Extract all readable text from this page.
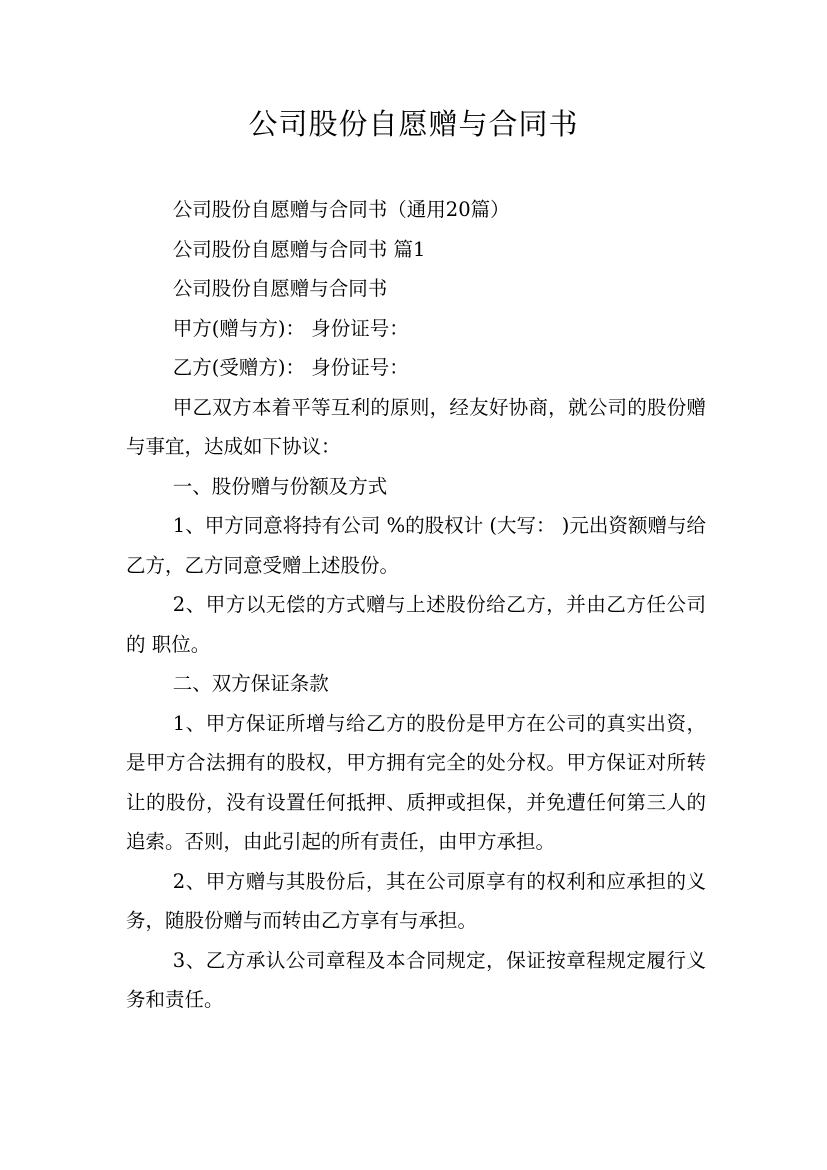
公司股份自愿赠与合同书

公司股份自愿赠与合同书（通用20篇）

公司股份自愿赠与合同书 篇1

公司股份自愿赠与合同书

甲方(赠与方)： 身份证号：

乙方(受赠方)： 身份证号：

甲乙双方本着平等互利的原则，经友好协商，就公司的股份赠与事宜，达成如下协议：

一、股份赠与份额及方式

1、甲方同意将持有公司 %的股权计 (大写： )元出资额赠与给乙方，乙方同意受赠上述股份。

2、甲方以无偿的方式赠与上述股份给乙方，并由乙方任公司的 职位。

二、双方保证条款

1、甲方保证所增与给乙方的股份是甲方在公司的真实出资，是甲方合法拥有的股权，甲方拥有完全的处分权。甲方保证对所转让的股份，没有设置任何抵押、质押或担保，并免遭任何第三人的追索。否则，由此引起的所有责任，由甲方承担。

2、甲方赠与其股份后，其在公司原享有的权利和应承担的义务，随股份赠与而转由乙方享有与承担。

3、乙方承认公司章程及本合同规定，保证按章程规定履行义务和责任。
